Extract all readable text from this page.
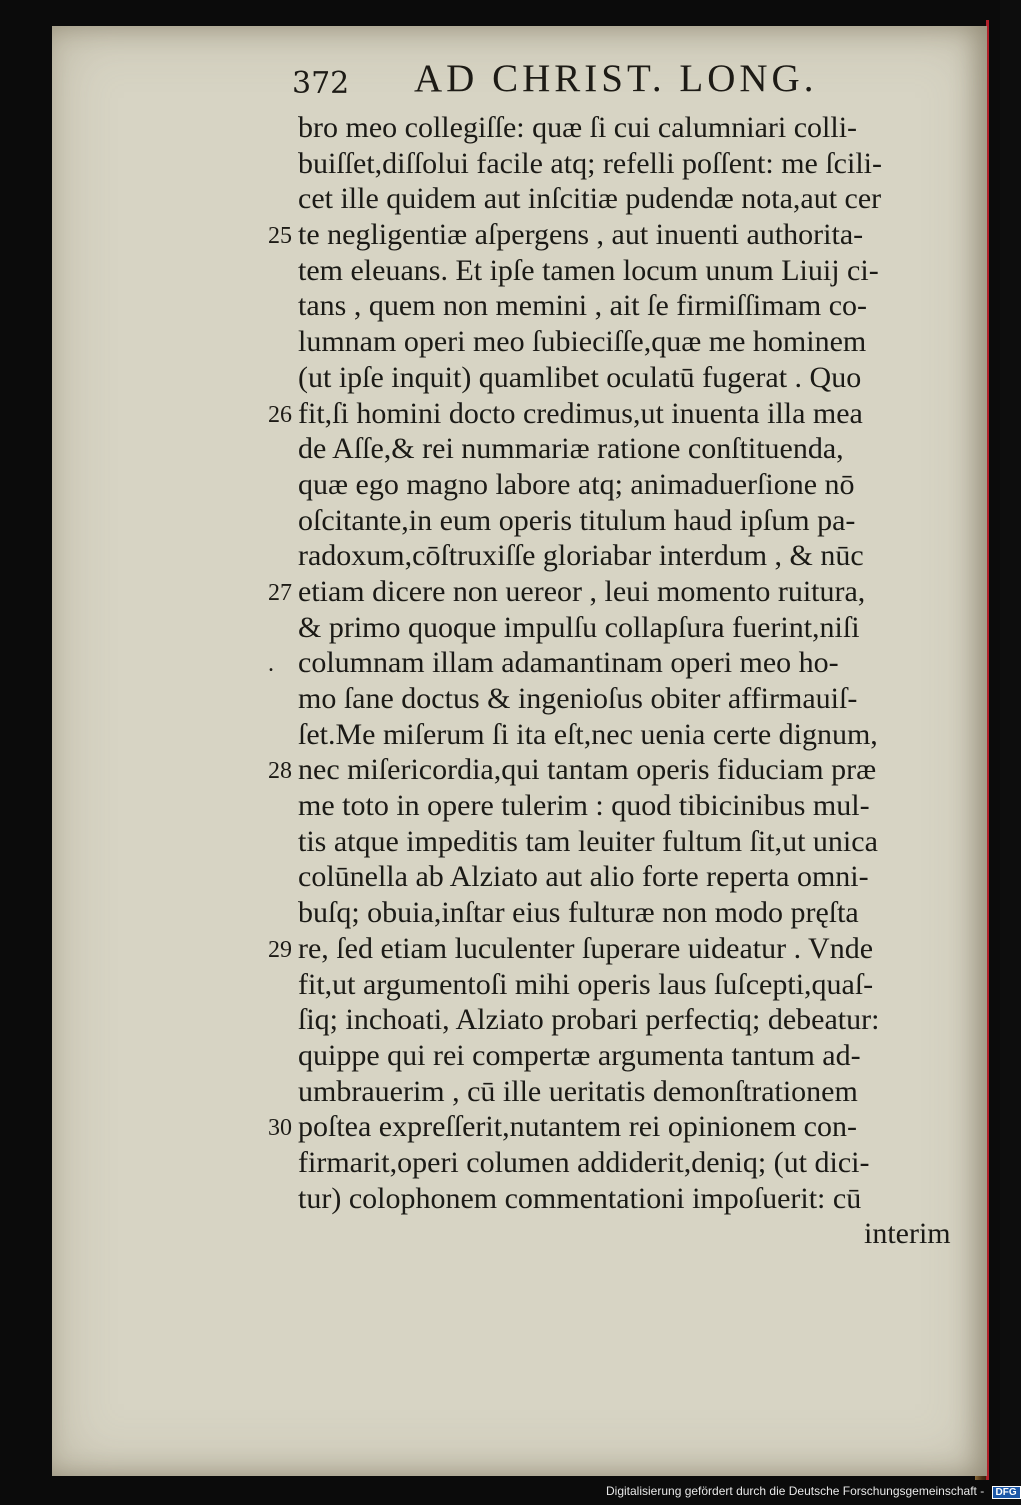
372 AD CHRIST. LONG.
bro meo collegiſſe: quæ ſi cui calumniari colli-
buiſſet,diſſolui facile atq; refelli poſſent: me ſcili-
cet ille quidem aut inſcitiæ pudendæ nota,aut cer
25 te negligentiæ aſpergens , aut inuenti authorita-
tem eleuans. Et ipſe tamen locum unum Liuij ci-
tans , quem non memini , ait ſe firmiſſimam co-
lumnam operi meo ſubieciſſe,quæ me hominem
(ut ipſe inquit) quamlibet oculatū fugerat . Quo
26 fit,ſi homini docto credimus,ut inuenta illa mea
de Aſſe,& rei nummariæ ratione conſtituenda,
quæ ego magno labore atq; animaduerſione nō
oſcitante,in eum operis titulum haud ipſum pa-
radoxum,cōſtruxiſſe gloriabar interdum , & nūc
27 etiam dicere non uereor , leui momento ruitura,
& primo quoque impulſu collapſura fuerint,niſi
. columnam illam adamantinam operi meo ho-
mo ſane doctus & ingenioſus obiter affirmauiſ-
ſet.Me miſerum ſi ita eſt,nec uenia certe dignum,
28 nec miſericordia,qui tantam operis fiduciam præ
me toto in opere tulerim : quod tibicinibus mul-
tis atque impeditis tam leuiter fultum ſit,ut unica
colūnella ab Alziato aut alio forte reperta omni-
buſq; obuia,inſtar eius fulturæ non modo pręſta
29 re, ſed etiam luculenter ſuperare uideatur . Vnde
fit,ut argumentoſi mihi operis laus ſuſcepti,quaſ-
ſiq; inchoati, Alziato probari perfectiq; debeatur:
quippe qui rei compertæ argumenta tantum ad-
umbrauerim , cū ille ueritatis demonſtrationem
30 poſtea expreſſerit,nutantem rei opinionem con-
firmarit,operi columen addiderit,deniq; (ut dici-
tur) colophonem commentationi impoſuerit: cū
interim
Digitalisierung gefördert durch die Deutsche Forschungsgemeinschaft - DFG
